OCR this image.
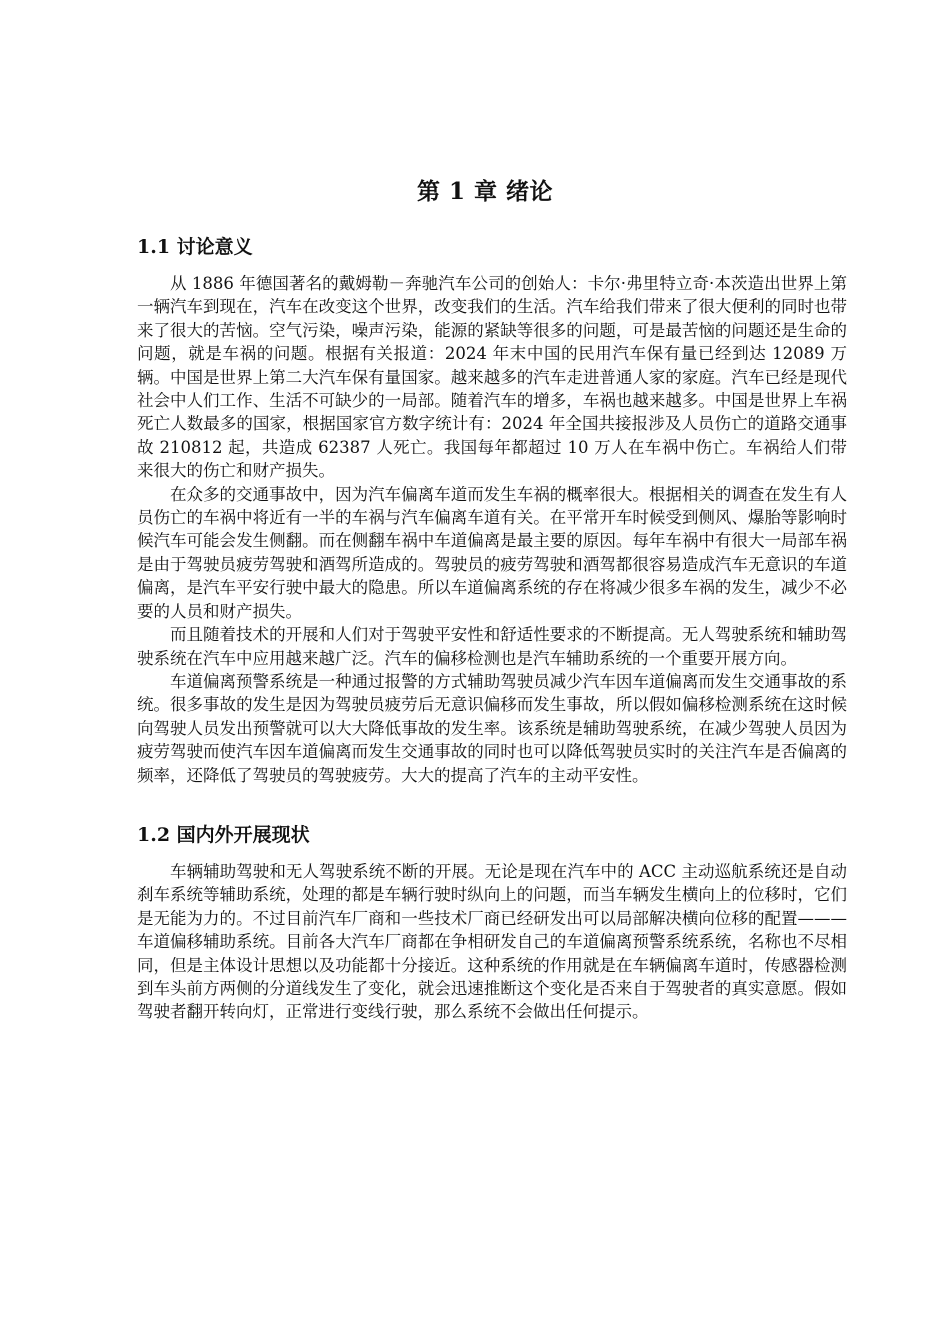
第 1 章 绪论
1.1 讨论意义

从 1886 年德国著名的戴姆勒－奔驰汽车公司的创始人：卡尔·弗里特立奇·本茨造出世界上第一辆汽车到现在，汽车在改变这个世界，改变我们的生活。汽车给我们带来了很大便利的同时也带来了很大的苦恼。空气污染，噪声污染，能源的紧缺等很多的问题，可是最苦恼的问题还是生命的问题，就是车祸的问题。根据有关报道：2024 年末中国的民用汽车保有量已经到达 12089 万辆。中国是世界上第二大汽车保有量国家。越来越多的汽车走进普通人家的家庭。汽车已经是现代社会中人们工作、生活不可缺少的一局部。随着汽车的增多，车祸也越来越多。中国是世界上车祸死亡人数最多的国家，根据国家官方数字统计有：2024 年全国共接报涉及人员伤亡的道路交通事故 210812 起，共造成 62387 人死亡。我国每年都超过 10 万人在车祸中伤亡。车祸给人们带来很大的伤亡和财产损失。

在众多的交通事故中，因为汽车偏离车道而发生车祸的概率很大。根据相关的调查在发生有人员伤亡的车祸中将近有一半的车祸与汽车偏离车道有关。在平常开车时候受到侧风、爆胎等影响时候汽车可能会发生侧翻。而在侧翻车祸中车道偏离是最主要的原因。每年车祸中有很大一局部车祸是由于驾驶员疲劳驾驶和酒驾所造成的。驾驶员的疲劳驾驶和酒驾都很容易造成汽车无意识的车道偏离，是汽车平安行驶中最大的隐患。所以车道偏离系统的存在将减少很多车祸的发生，减少不必要的人员和财产损失。

而且随着技术的开展和人们对于驾驶平安性和舒适性要求的不断提高。无人驾驶系统和辅助驾驶系统在汽车中应用越来越广泛。汽车的偏移检测也是汽车辅助系统的一个重要开展方向。

车道偏离预警系统是一种通过报警的方式辅助驾驶员减少汽车因车道偏离而发生交通事故的系统。很多事故的发生是因为驾驶员疲劳后无意识偏移而发生事故，所以假如偏移检测系统在这时候向驾驶人员发出预警就可以大大降低事故的发生率。该系统是辅助驾驶系统，在减少驾驶人员因为疲劳驾驶而使汽车因车道偏离而发生交通事故的同时也可以降低驾驶员实时的关注汽车是否偏离的频率，还降低了驾驶员的驾驶疲劳。大大的提高了汽车的主动平安性。

1.2 国内外开展现状

车辆辅助驾驶和无人驾驶系统不断的开展。无论是现在汽车中的 ACC 主动巡航系统还是自动刹车系统等辅助系统，处理的都是车辆行驶时纵向上的问题，而当车辆发生横向上的位移时，它们是无能为力的。不过目前汽车厂商和一些技术厂商已经研发出可以局部解决横向位移的配置———车道偏移辅助系统。目前各大汽车厂商都在争相研发自己的车道偏离预警系统系统，名称也不尽相同，但是主体设计思想以及功能都十分接近。这种系统的作用就是在车辆偏离车道时，传感器检测到车头前方两侧的分道线发生了变化，就会迅速推断这个变化是否来自于驾驶者的真实意愿。假如驾驶者翻开转向灯，正常进行变线行驶，那么系统不会做出任何提示。
